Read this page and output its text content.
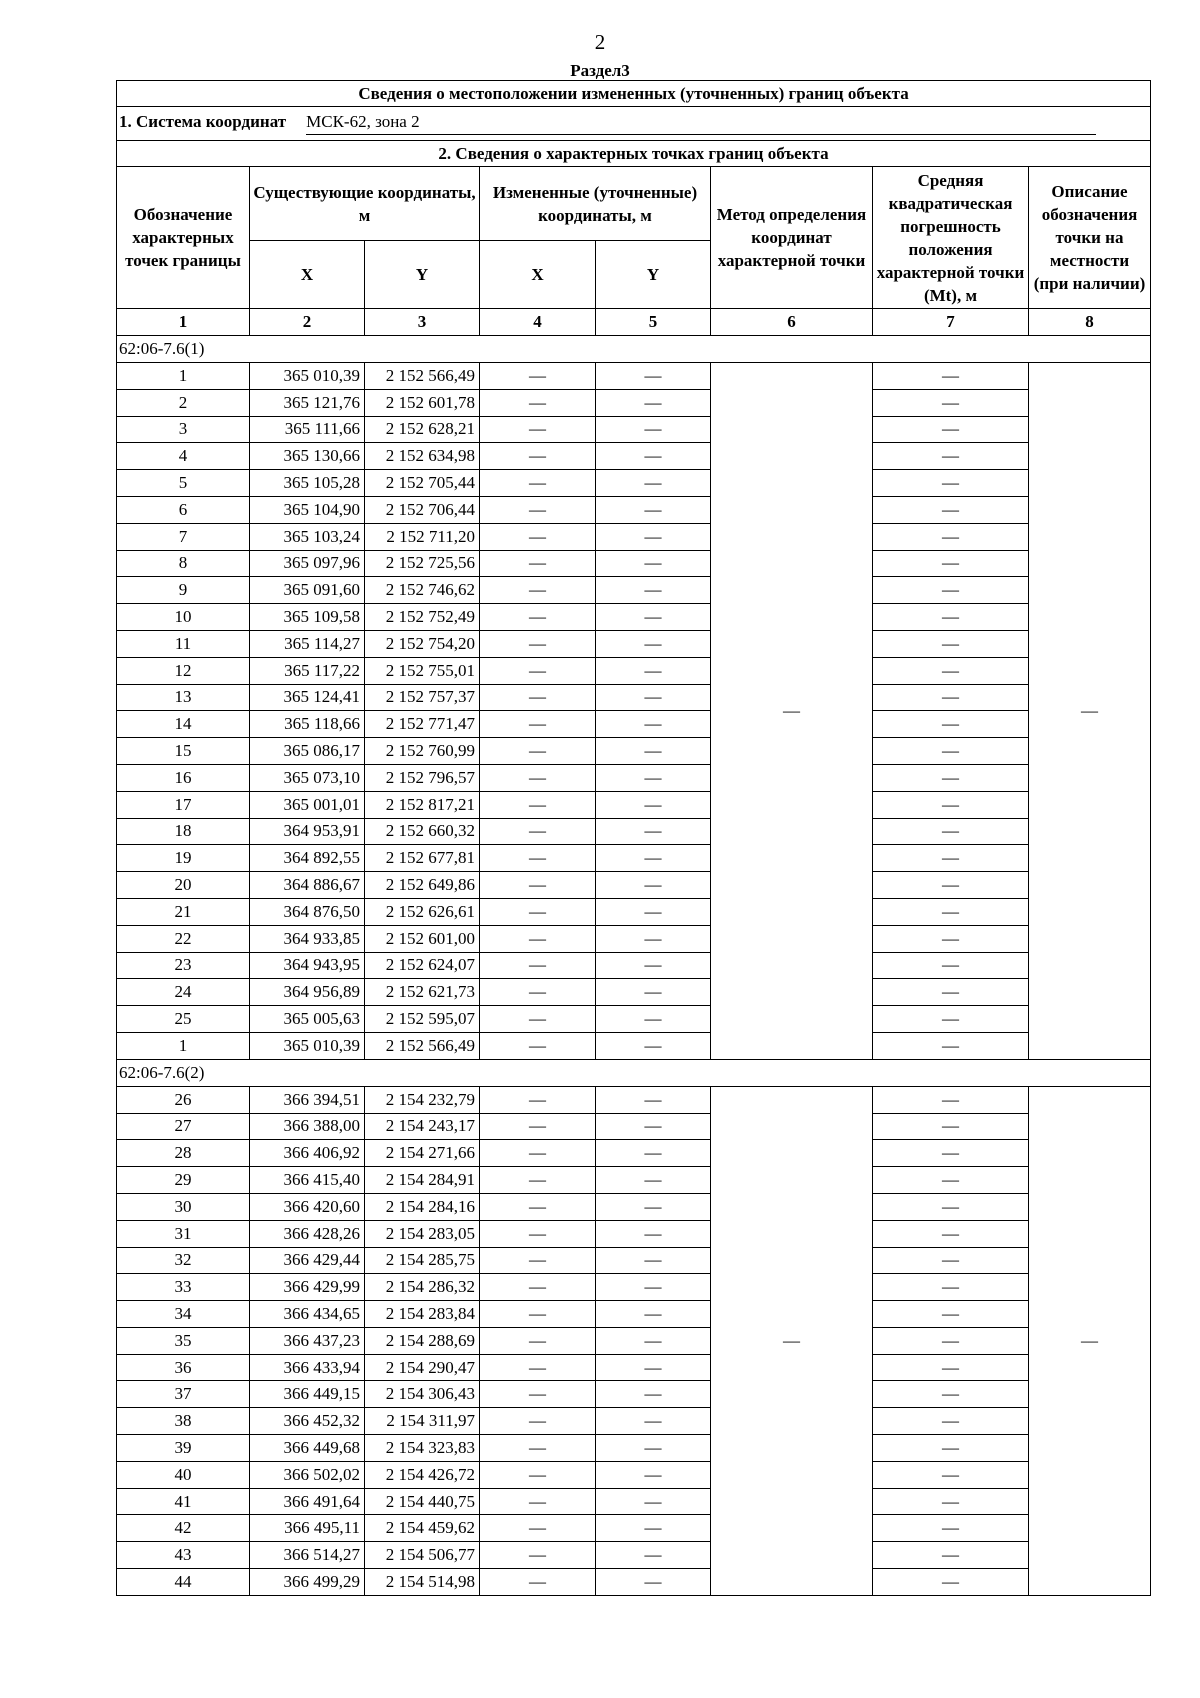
2
Раздел3
Сведения о местоположении измененных (уточненных) границ объекта							
1. Система координат МСК-62, зона 2							
2. Сведения о характерных точках границ объекта							
Обозначение характерных точек границы	Существующие координаты, м		Измененные (уточненные) координаты, м		Метод определения координат характерной точки	Средняя квадратическая погрешность положения характерной точки (Mt), м	Описание обозначения точки на местности (при наличии)
	X	Y	X	Y			
1	2	3	4	5	6	7	8
62:06-7.6(1)							
1	365 010,39	2 152 566,49	—	—	—	—	—
2	365 121,76	2 152 601,78	—	—		—	
3	365 111,66	2 152 628,21	—	—		—	
4	365 130,66	2 152 634,98	—	—		—	
5	365 105,28	2 152 705,44	—	—		—	
6	365 104,90	2 152 706,44	—	—		—	
7	365 103,24	2 152 711,20	—	—		—	
8	365 097,96	2 152 725,56	—	—		—	
9	365 091,60	2 152 746,62	—	—		—	
10	365 109,58	2 152 752,49	—	—		—	
11	365 114,27	2 152 754,20	—	—		—	
12	365 117,22	2 152 755,01	—	—		—	
13	365 124,41	2 152 757,37	—	—		—	
14	365 118,66	2 152 771,47	—	—		—	
15	365 086,17	2 152 760,99	—	—		—	
16	365 073,10	2 152 796,57	—	—		—	
17	365 001,01	2 152 817,21	—	—		—	
18	364 953,91	2 152 660,32	—	—		—	
19	364 892,55	2 152 677,81	—	—		—	
20	364 886,67	2 152 649,86	—	—		—	
21	364 876,50	2 152 626,61	—	—		—	
22	364 933,85	2 152 601,00	—	—		—	
23	364 943,95	2 152 624,07	—	—		—	
24	364 956,89	2 152 621,73	—	—		—	
25	365 005,63	2 152 595,07	—	—		—	
1	365 010,39	2 152 566,49	—	—		—	
62:06-7.6(2)							
26	366 394,51	2 154 232,79	—	—	—	—	—
27	366 388,00	2 154 243,17	—	—		—	
28	366 406,92	2 154 271,66	—	—		—	
29	366 415,40	2 154 284,91	—	—		—	
30	366 420,60	2 154 284,16	—	—		—	
31	366 428,26	2 154 283,05	—	—		—	
32	366 429,44	2 154 285,75	—	—		—	
33	366 429,99	2 154 286,32	—	—		—	
34	366 434,65	2 154 283,84	—	—		—	
35	366 437,23	2 154 288,69	—	—		—	
36	366 433,94	2 154 290,47	—	—		—	
37	366 449,15	2 154 306,43	—	—		—	
38	366 452,32	2 154 311,97	—	—		—	
39	366 449,68	2 154 323,83	—	—		—	
40	366 502,02	2 154 426,72	—	—		—	
41	366 491,64	2 154 440,75	—	—		—	
42	366 495,11	2 154 459,62	—	—		—	
43	366 514,27	2 154 506,77	—	—		—	
44	366 499,29	2 154 514,98	—	—		—	
